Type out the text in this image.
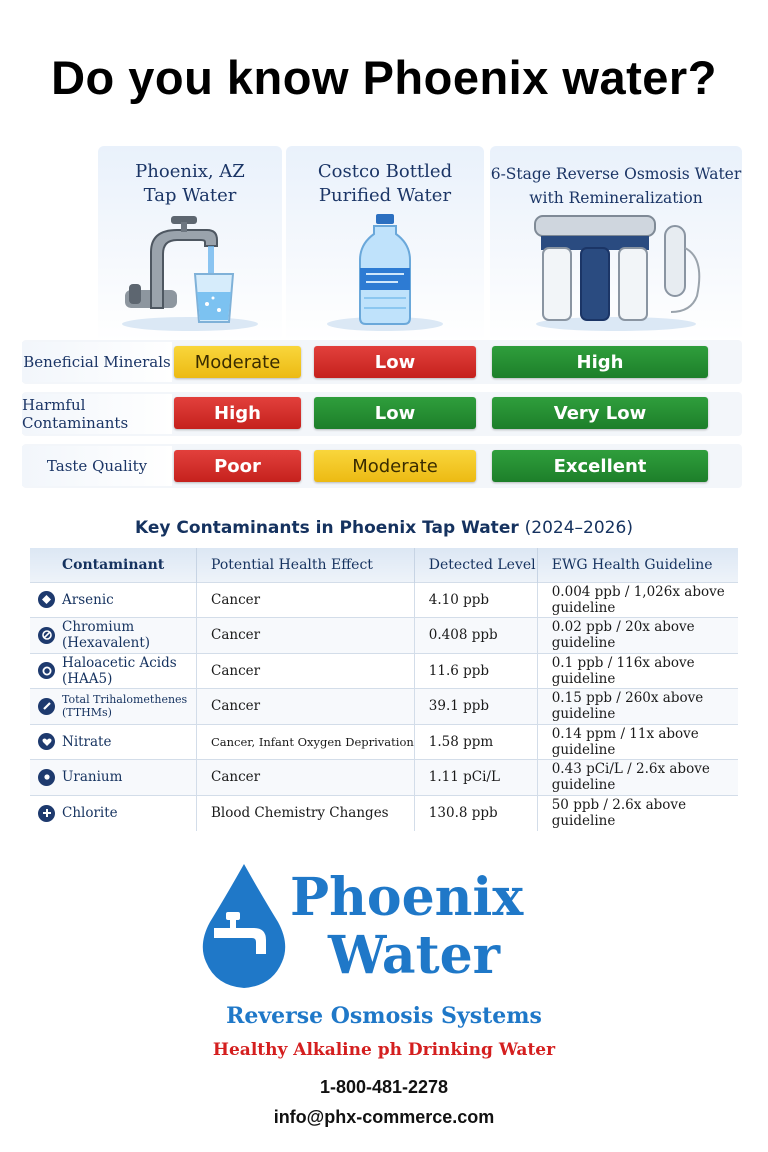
Do you know Phoenix water?
Phoenix, AZ
Tap Water
Costco Bottled
Purified Water
6-Stage Reverse Osmosis Water
with Remineralization
Beneficial Minerals	Moderate	Low	High
Harmful Contaminants	High	Low	Very Low
Taste Quality	Poor	Moderate	Excellent
Key Contaminants in Phoenix Tap Water (2024–2026)
Contaminant	Potential Health Effect	Detected Level	EWG Health Guideline

Arsenic	Cancer	4.10 ppb	0.004 ppb / 1,026x above guideline

Chromium (Hexavalent)	Cancer	0.408 ppb	0.02 ppb / 20x above guideline

Haloacetic Acids (HAA5)	Cancer	11.6 ppb	0.1 ppb / 116x above guideline

Total Trihalomethenes (TTHMs)	Cancer	39.1 ppb	0.15 ppb / 260x above guideline

Nitrate	Cancer, Infant Oxygen Deprivation	1.58 ppm	0.14 ppm / 11x above guideline

Uranium	Cancer	1.11 pCi/L	0.43 pCi/L / 2.6x above guideline

Chlorite	Blood Chemistry Changes	130.8 ppb	50 ppb / 2.6x above guideline
Phoenix
Water
Reverse Osmosis Systems
Healthy Alkaline ph Drinking Water
1-800-481-2278
info@phx-commerce.com
